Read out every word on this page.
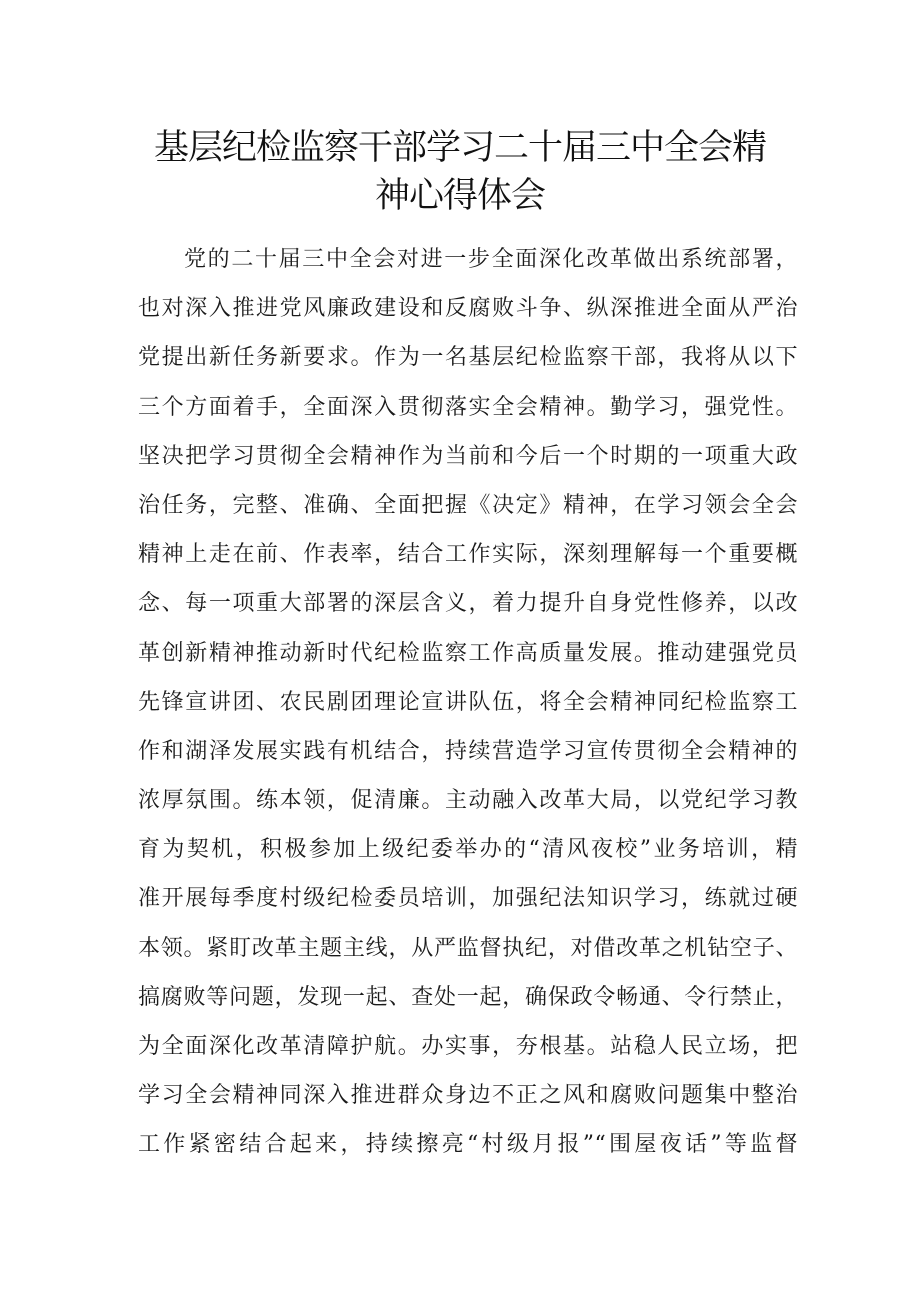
基层纪检监察干部学习二十届三中全会精
神心得体会
党的二十届三中全会对进一步全面深化改革做出系统部署，
也对深入推进党风廉政建设和反腐败斗争、纵深推进全面从严治
党提出新任务新要求。作为一名基层纪检监察干部，我将从以下
三个方面着手，全面深入贯彻落实全会精神。勤学习，强党性。
坚决把学习贯彻全会精神作为当前和今后一个时期的一项重大政
治任务，完整、准确、全面把握《决定》精神，在学习领会全会
精神上走在前、作表率，结合工作实际，深刻理解每一个重要概
念、每一项重大部署的深层含义，着力提升自身党性修养，以改
革创新精神推动新时代纪检监察工作高质量发展。推动建强党员
先锋宣讲团、农民剧团理论宣讲队伍，将全会精神同纪检监察工
作和湖泽发展实践有机结合，持续营造学习宣传贯彻全会精神的
浓厚氛围。练本领，促清廉。主动融入改革大局，以党纪学习教
育为契机，积极参加上级纪委举办的“清风夜校”业务培训，精
准开展每季度村级纪检委员培训，加强纪法知识学习，练就过硬
本领。紧盯改革主题主线，从严监督执纪，对借改革之机钻空子、
搞腐败等问题，发现一起、查处一起，确保政令畅通、令行禁止，
为全面深化改革清障护航。办实事，夯根基。站稳人民立场，把
学习全会精神同深入推进群众身边不正之风和腐败问题集中整治
工作紧密结合起来，持续擦亮“村级月报”“围屋夜话”等监督
